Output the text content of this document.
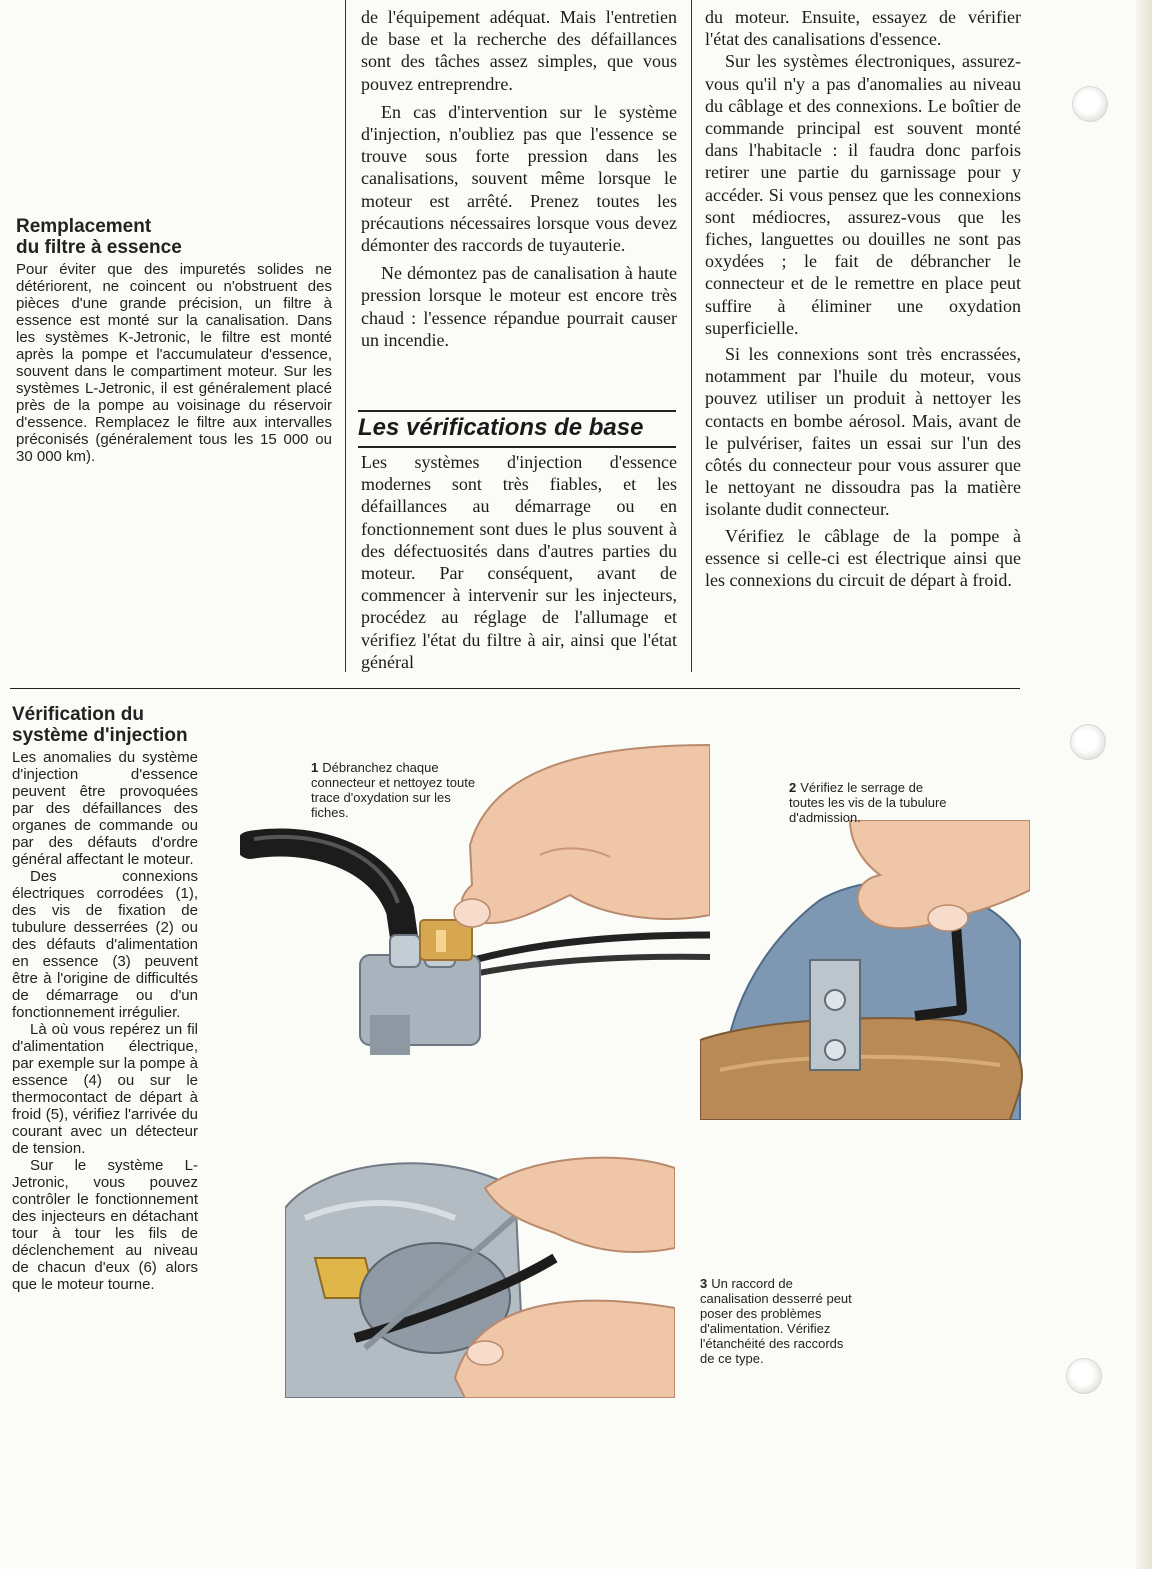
Remplacement
du filtre à essence

Pour éviter que des impuretés solides ne détériorent, ne coincent ou n'obstruent des pièces d'une grande précision, un filtre à essence est monté sur la canalisation. Dans les systèmes K-Jetronic, le filtre est monté après la pompe et l'accumulateur d'essence, souvent dans le compartiment moteur. Sur les systèmes L-Jetronic, il est généralement placé près de la pompe au voisinage du réservoir d'essence. Remplacez le filtre aux intervalles préconisés (généralement tous les 15 000 ou 30 000 km).

de l'équipement adéquat. Mais l'entretien de base et la recherche des défaillances sont des tâches assez simples, que vous pouvez entreprendre.

En cas d'intervention sur le système d'injection, n'oubliez pas que l'essence se trouve sous forte pression dans les canalisations, souvent même lorsque le moteur est arrêté. Prenez toutes les précautions nécessaires lorsque vous devez démonter des raccords de tuyauterie.

Ne démontez pas de canalisation à haute pression lorsque le moteur est encore très chaud : l'essence répandue pourrait causer un incendie.

Les vérifications de base

Les systèmes d'injection d'essence modernes sont très fiables, et les défaillances au démarrage ou en fonctionnement sont dues le plus souvent à des défectuosités dans d'autres parties du moteur. Par conséquent, avant de commencer à intervenir sur les injecteurs, procédez au réglage de l'allumage et vérifiez l'état du filtre à air, ainsi que l'état général

du moteur. Ensuite, essayez de vérifier l'état des canalisations d'essence.

Sur les systèmes électroniques, assurez-vous qu'il n'y a pas d'anomalies au niveau du câblage et des connexions. Le boîtier de commande principal est souvent monté dans l'habitacle : il faudra donc parfois retirer une partie du garnissage pour y accéder. Si vous pensez que les connexions sont médiocres, assurez-vous que les fiches, languettes ou douilles ne sont pas oxydées ; le fait de débrancher le connecteur et de le remettre en place peut suffire à éliminer une oxydation superficielle.

Si les connexions sont très encrassées, notamment par l'huile du moteur, vous pouvez utiliser un produit à nettoyer les contacts en bombe aérosol. Mais, avant de le pulvériser, faites un essai sur l'un des côtés du connecteur pour vous assurer que le nettoyant ne dissoudra pas la matière isolante dudit connecteur.

Vérifiez le câblage de la pompe à essence si celle-ci est électrique ainsi que les connexions du circuit de départ à froid.

Vérification du
système d'injection

Les anomalies du système d'injection d'essence peuvent être provoquées par des défaillances des organes de commande ou par des défauts d'ordre général affectant le moteur.

Des connexions électriques corrodées (1), des vis de fixation de tubulure desserrées (2) ou des défauts d'alimentation en essence (3) peuvent être à l'origine de difficultés de démarrage ou d'un fonctionnement irrégulier.

Là où vous repérez un fil d'alimentation électrique, par exemple sur la pompe à essence (4) ou sur le thermocontact de départ à froid (5), vérifiez l'arrivée du courant avec un détecteur de tension.

Sur le système L-Jetronic, vous pouvez contrôler le fonctionnement des injecteurs en détachant tour à tour les fils de déclenchement au niveau de chacun d'eux (6) alors que le moteur tourne.

1 Débranchez chaque connecteur et nettoyez toute trace d'oxydation sur les fiches.
2 Vérifiez le serrage de toutes les vis de la tubulure d'admission.
3 Un raccord de canalisation desserré peut poser des problèmes d'alimentation. Vérifiez l'étanchéité des raccords de ce type.
